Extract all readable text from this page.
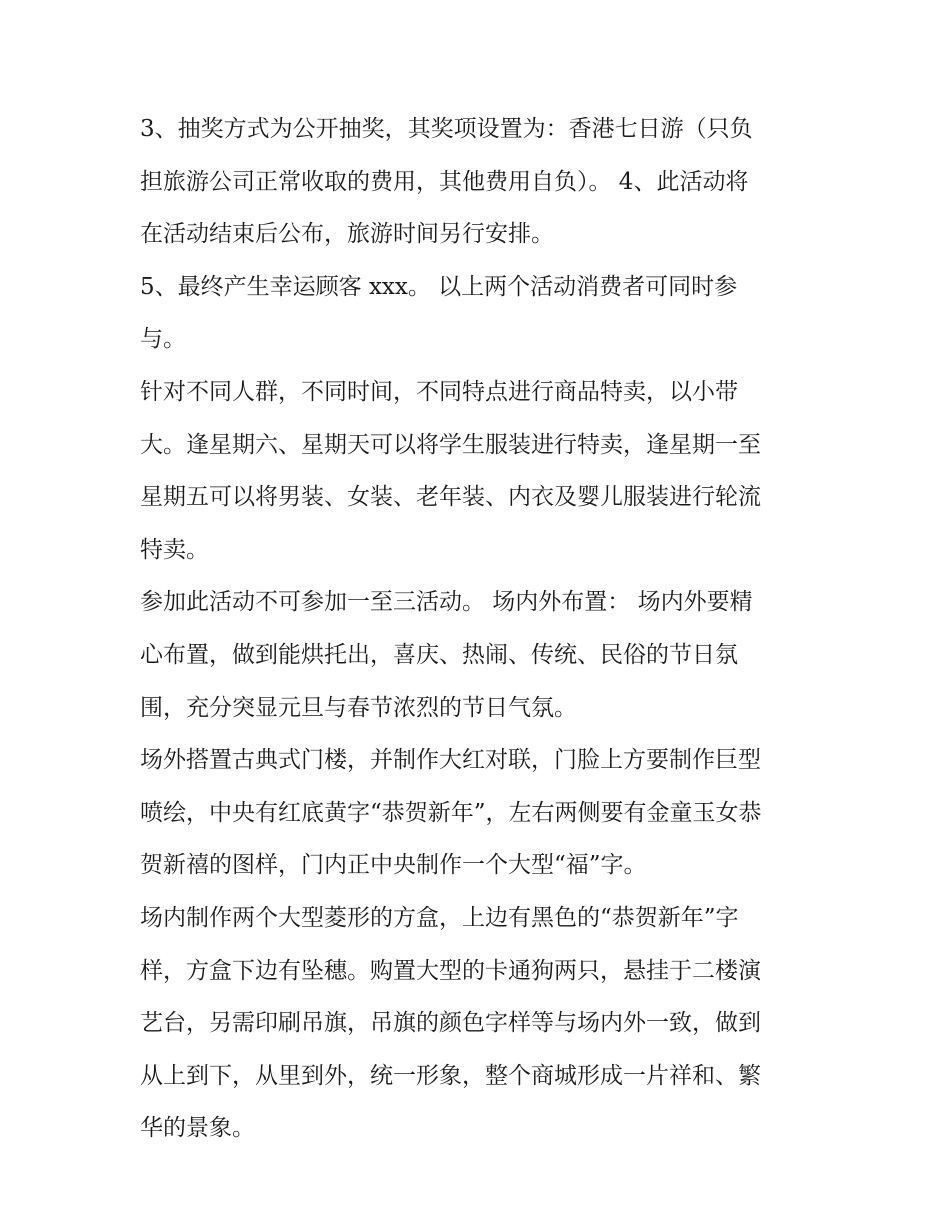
3、抽奖方式为公开抽奖，其奖项设置为：香港七日游（只负
担旅游公司正常收取的费用，其他费用自负）。 4、此活动将
在活动结束后公布，旅游时间另行安排。
5、最终产生幸运顾客 xxx。 以上两个活动消费者可同时参
与。
针对不同人群，不同时间，不同特点进行商品特卖，以小带
大。逢星期六、星期天可以将学生服装进行特卖，逢星期一至
星期五可以将男装、女装、老年装、内衣及婴儿服装进行轮流
特卖。
参加此活动不可参加一至三活动。 场内外布置： 场内外要精
心布置，做到能烘托出，喜庆、热闹、传统、民俗的节日氛
围，充分突显元旦与春节浓烈的节日气氛。
场外搭置古典式门楼，并制作大红对联，门脸上方要制作巨型
喷绘，中央有红底黄字“恭贺新年”，左右两侧要有金童玉女恭
贺新禧的图样，门内正中央制作一个大型“福”字。
场内制作两个大型菱形的方盒，上边有黑色的“恭贺新年”字
样，方盒下边有坠穗。购置大型的卡通狗两只，悬挂于二楼演
艺台，另需印刷吊旗，吊旗的颜色字样等与场内外一致，做到
从上到下，从里到外，统一形象，整个商城形成一片祥和、繁
华的景象。
